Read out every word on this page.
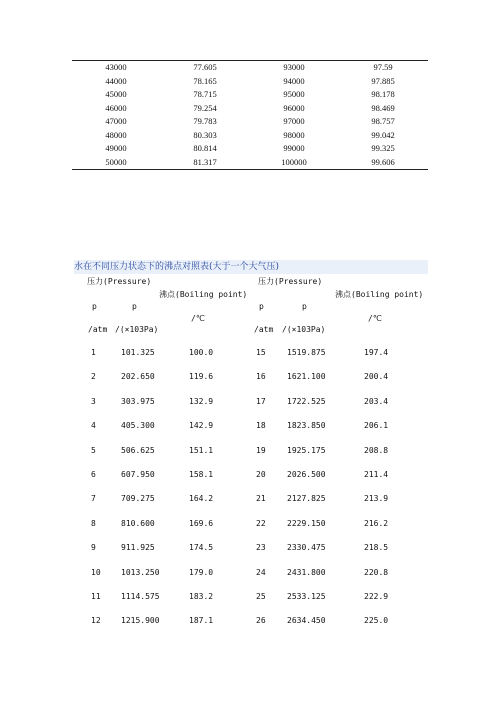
43000	77.605	93000	97.59
44000	78.165	94000	97.885
45000	78.715	95000	98.178
46000	79.254	96000	98.469
47000	79.783	97000	98.757
48000	80.303	98000	99.042
49000	80.814	99000	99.325
50000	81.317	100000	99.606
水在不同压力状态下的沸点对照表(大于一个大气压)
压力(Pressure)	压力(Pressure)
沸点(Boiling point)	沸点(Boiling point)
p	p	p	p
/℃	/℃
/atm /(×103Pa)	/atm /(×103Pa)
1	101.325	100.0	15	1519.875	197.4
2	202.650	119.6	16	1621.100	200.4
3	303.975	132.9	17	1722.525	203.4
4	405.300	142.9	18	1823.850	206.1
5	506.625	151.1	19	1925.175	208.8
6	607.950	158.1	20	2026.500	211.4
7	709.275	164.2	21	2127.825	213.9
8	810.600	169.6	22	2229.150	216.2
9	911.925	174.5	23	2330.475	218.5
10	1013.250	179.0	24	2431.800	220.8
11	1114.575	183.2	25	2533.125	222.9
12	1215.900	187.1	26	2634.450	225.0
